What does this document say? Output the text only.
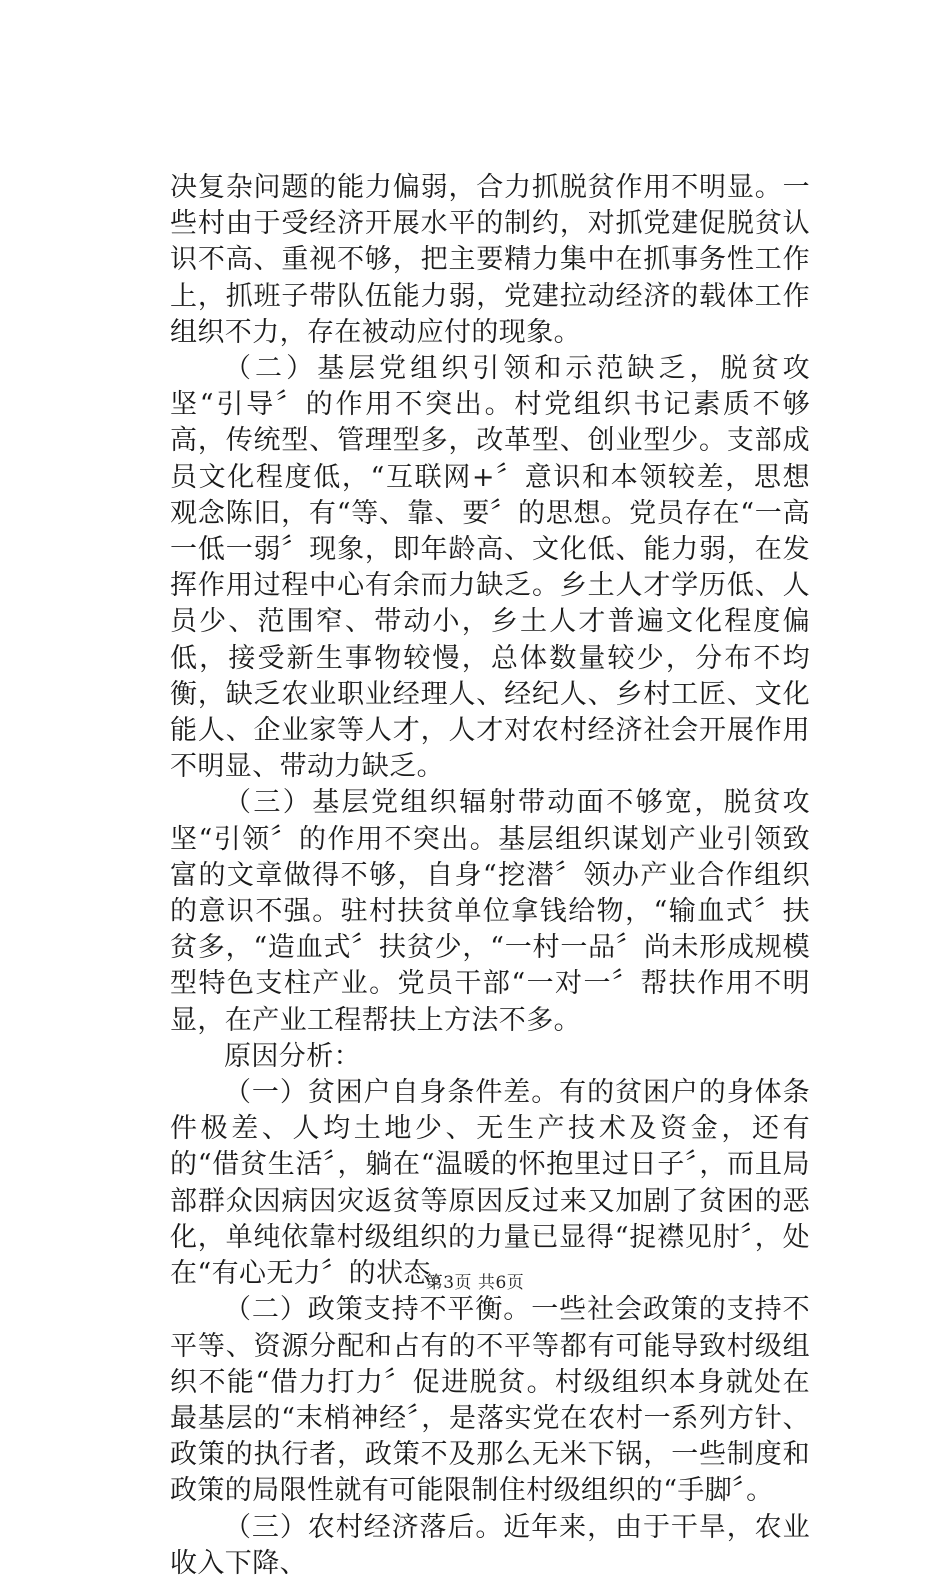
决复杂问题的能力偏弱，合力抓脱贫作用不明显。一些村由于受经济开展水平的制约，对抓党建促脱贫认识不高、重视不够，把主要精力集中在抓事务性工作上，抓班子带队伍能力弱，党建拉动经济的载体工作组织不力，存在被动应付的现象。

（二）基层党组织引领和示范缺乏，脱贫攻坚“引导〞的作用不突出。村党组织书记素质不够高，传统型、管理型多，改革型、创业型少。支部成员文化程度低，“互联网+〞意识和本领较差，思想观念陈旧，有“等、靠、要〞的思想。党员存在“一高一低一弱〞现象，即年龄高、文化低、能力弱，在发挥作用过程中心有余而力缺乏。乡土人才学历低、人员少、范围窄、带动小，乡土人才普遍文化程度偏低，接受新生事物较慢，总体数量较少，分布不均衡，缺乏农业职业经理人、经纪人、乡村工匠、文化能人、企业家等人才，人才对农村经济社会开展作用不明显、带动力缺乏。

（三）基层党组织辐射带动面不够宽，脱贫攻坚“引领〞的作用不突出。基层组织谋划产业引领致富的文章做得不够，自身“挖潜〞领办产业合作组织的意识不强。驻村扶贫单位拿钱给物，“输血式〞扶贫多，“造血式〞扶贫少，“一村一品〞尚未形成规模型特色支柱产业。党员干部“一对一〞帮扶作用不明显，在产业工程帮扶上方法不多。

原因分析：

（一）贫困户自身条件差。有的贫困户的身体条件极差、人均土地少、无生产技术及资金，还有的“借贫生活〞，躺在“温暖的怀抱里过日子〞，而且局部群众因病因灾返贫等原因反过来又加剧了贫困的恶化，单纯依靠村级组织的力量已显得“捉襟见肘〞，处在“有心无力〞的状态。

（二）政策支持不平衡。一些社会政策的支持不平等、资源分配和占有的不平等都有可能导致村级组织不能“借力打力〞促进脱贫。村级组织本身就处在最基层的“末梢神经〞，是落实党在农村一系列方针、政策的执行者，政策不及那么无米下锅，一些制度和政策的局限性就有可能限制住村级组织的“手脚〞。

（三）农村经济落后。近年来，由于干旱，农业收入下降、

第3页 共6页
